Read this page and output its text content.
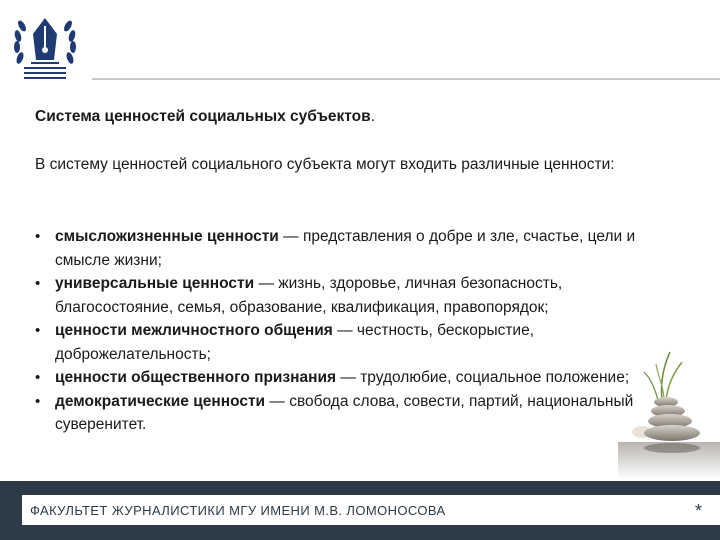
Система ценностей социальных субъектов.
В систему ценностей социального субъекта могут входить различные ценности:
• смысложизненные ценности — представления о добре и зле, счастье, цели и смысле жизни;
• универсальные ценности — жизнь, здоровье, личная безопасность, благосостояние, семья, образование, квалификация, правопорядок;
• ценности межличностного общения — честность, бескорыстие, доброжелательность;
• ценности общественного признания — трудолюбие, социальное положение;
• демократические ценности — свобода слова, совести, партий, национальный суверенитет.
ФАКУЛЬТЕТ ЖУРНАЛИСТИКИ МГУ ИМЕНИ М.В. ЛОМОНОСОВА	*
